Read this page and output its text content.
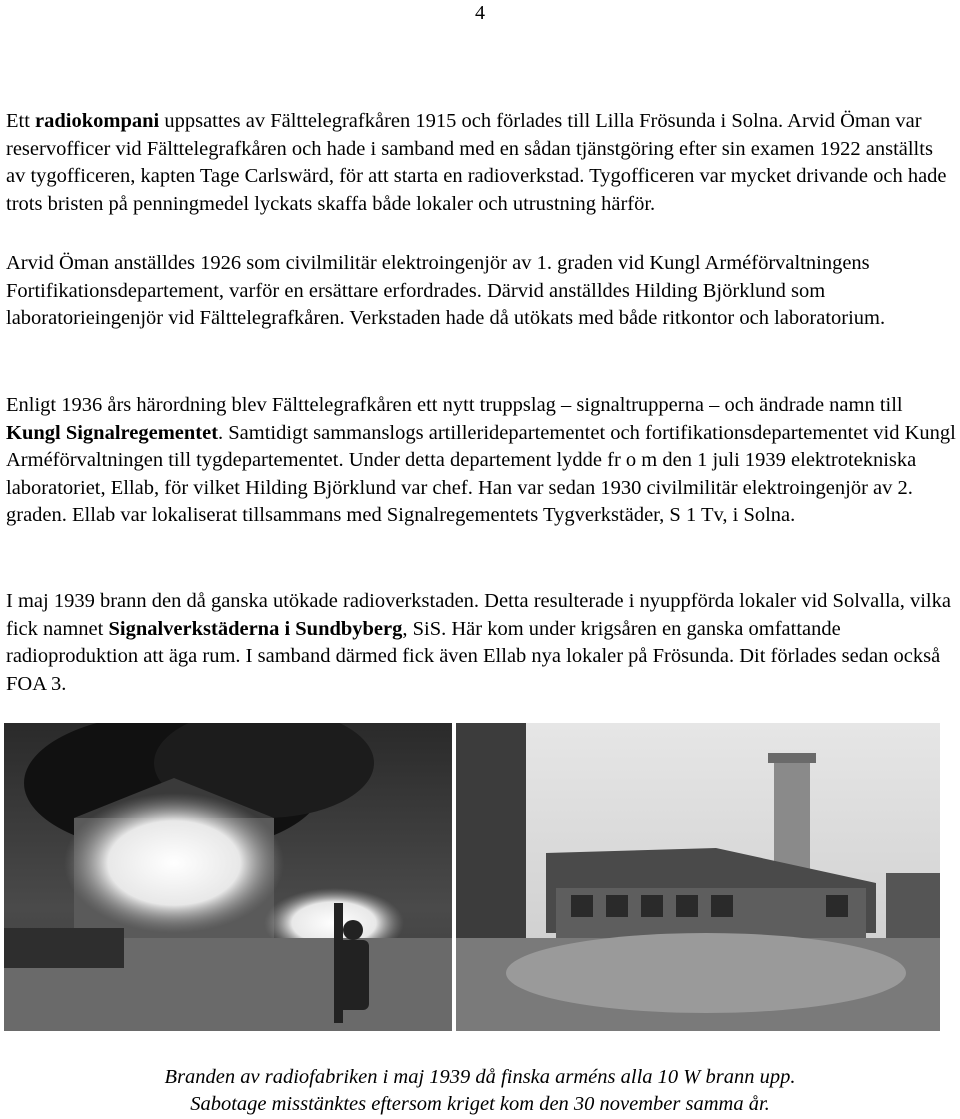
4

Ett radiokompani uppsattes av Fälttelegrafkåren 1915 och förlades till Lilla Frösunda i Solna. Arvid Öman var reservofficer vid Fälttelegrafkåren och hade i samband med en sådan tjänstgöring efter sin examen 1922 anställts av tygofficeren, kapten Tage Carlswärd, för att starta en radioverkstad. Tygofficeren var mycket drivande och hade trots bristen på penningmedel lyckats skaffa både lokaler och utrustning härför.

Arvid Öman anställdes 1926 som civilmilitär elektroingenjör av 1. graden vid Kungl Arméförvaltningens Fortifikationsdepartement, varför en ersättare erfordrades. Därvid anställdes Hilding Björklund som laboratorieingenjör vid Fälttelegrafkåren. Verkstaden hade då utökats med både ritkontor och laboratorium.

Enligt 1936 års härordning blev Fälttelegrafkåren ett nytt truppslag – signaltrupperna – och ändrade namn till Kungl Signalregementet. Samtidigt sammanslogs artilleridepartementet och fortifikationsdepartementet vid Kungl Arméförvaltningen till tygdepartementet. Under detta departement lydde fr o m den 1 juli 1939 elektrotekniska laboratoriet, Ellab, för vilket Hilding Björklund var chef. Han var sedan 1930 civilmilitär elektroingenjör av 2. graden. Ellab var lokaliserat tillsammans med Signalregementets Tygverkstäder, S 1 Tv, i Solna.

I maj 1939 brann den då ganska utökade radioverkstaden. Detta resulterade i nyuppförda lokaler vid Solvalla, vilka fick namnet Signalverkstäderna i Sundbyberg, SiS. Här kom under krigsåren en ganska omfattande radioproduktion att äga rum. I samband därmed fick även Ellab nya lokaler på Frösunda. Dit förlades sedan också FOA 3.

Branden av radiofabriken i maj 1939 då finska arméns alla 10 W brann upp.
Sabotage misstänktes eftersom kriget kom den 30 november samma år.
